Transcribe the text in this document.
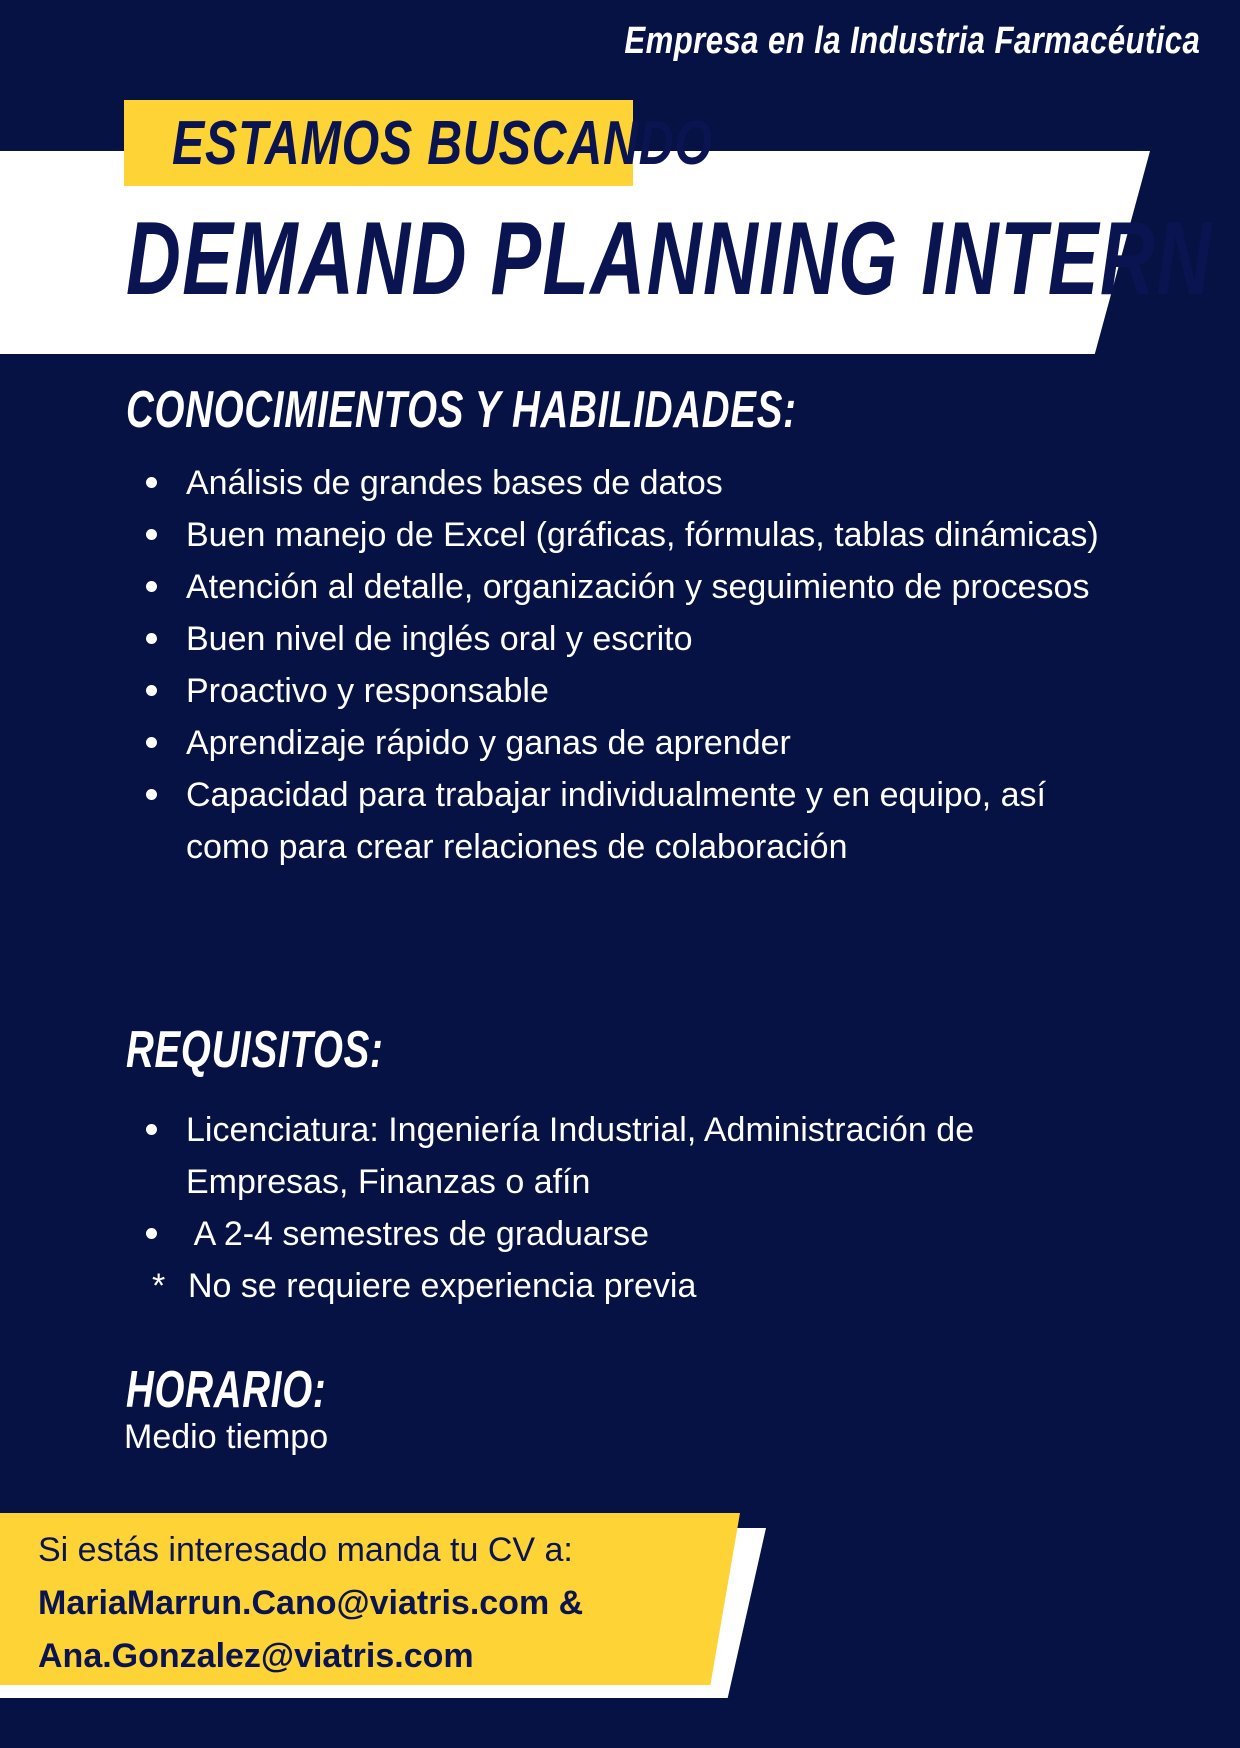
Empresa en la Industria Farmacéutica
ESTAMOS BUSCANDO
DEMAND PLANNING INTERN
CONOCIMIENTOS Y HABILIDADES:
Análisis de grandes bases de datos
Buen manejo de Excel (gráficas, fórmulas, tablas dinámicas)
Atención al detalle, organización y seguimiento de procesos
Buen nivel de inglés oral y escrito
Proactivo y responsable
Aprendizaje rápido y ganas de aprender
Capacidad para trabajar individualmente y en equipo, así como para crear relaciones de colaboración
REQUISITOS:
Licenciatura: Ingeniería Industrial, Administración de Empresas, Finanzas o afín
A 2-4 semestres de graduarse
* No se requiere experiencia previa
HORARIO:
Medio tiempo
Si estás interesado manda tu CV a:
MariaMarrun.Cano@viatris.com &
Ana.Gonzalez@viatris.com
